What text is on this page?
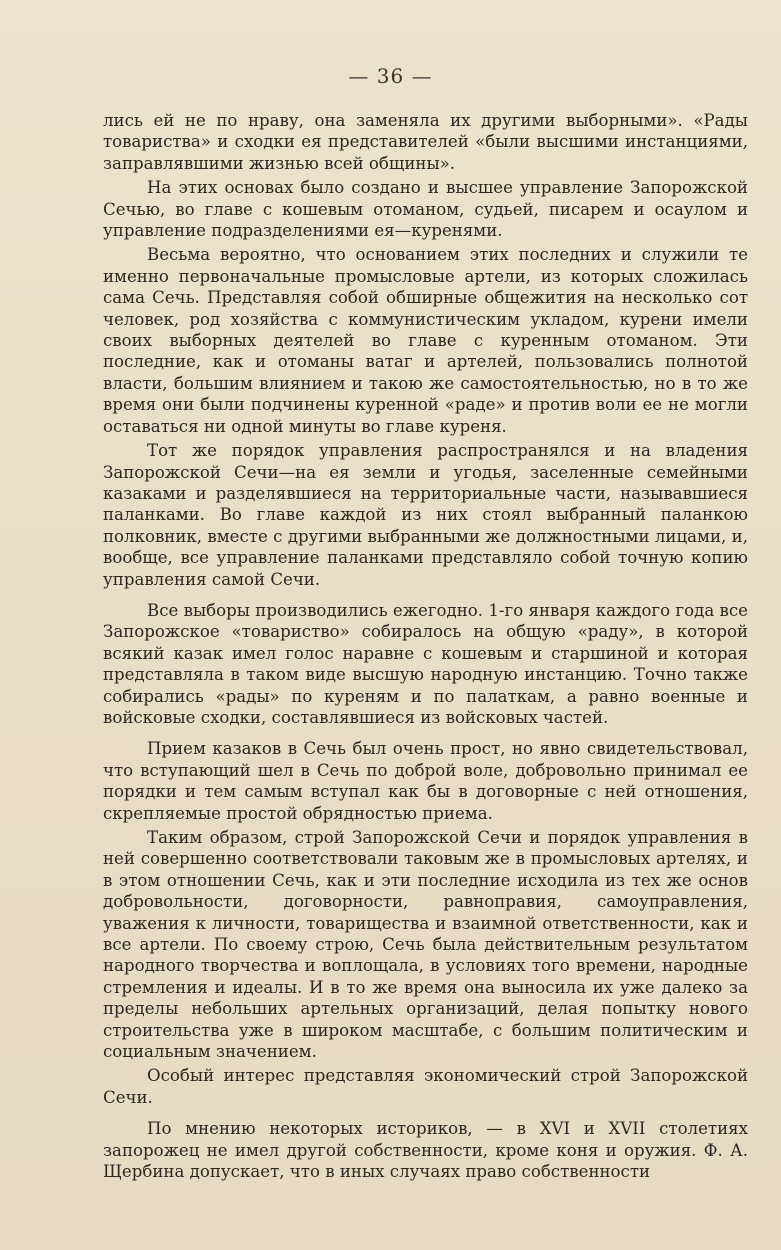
— 36 —

лись ей не по нраву, она заменяла их другими выборными». «Рады товариства» и сходки ея представителей «были высшими инстанциями, заправлявшими жизнью всей общины».

На этих основах было создано и высшее управление Запорожской Сечью, во главе с кошевым отоманом, судьей, писарем и осаулом и управление подразделениями ея—куренями.

Весьма вероятно, что основанием этих последних и служили те именно первоначальные промысловые артели, из которых сложилась сама Сечь. Представляя собой обширные общежития на несколько сот человек, род хозяйства с коммунистическим укладом, курени имели своих выборных деятелей во главе с куренным отоманом. Эти последние, как и отоманы ватаг и артелей, пользовались полнотой власти, большим влиянием и такою же самостоятельностью, но в то же время они были подчинены куренной «раде» и против воли ее не могли оставаться ни одной минуты во главе куреня.

Тот же порядок управления распространялся и на владения Запорожской Сечи—на ея земли и угодья, заселенные семейными казаками и разделявшиеся на территориальные части, называвшиеся паланками. Во главе каждой из них стоял выбранный паланкою полковник, вместе с другими выбранными же должностными лицами, и, вообще, все управление паланками представляло собой точную копию управления самой Сечи.

Все выборы производились ежегодно. 1-го января каждого года все Запорожское «товариство» собиралось на общую «раду», в которой всякий казак имел голос наравне с кошевым и старшиной и которая представляла в таком виде высшую народную инстанцию. Точно также собирались «рады» по куреням и по палаткам, а равно военные и войсковые сходки, составлявшиеся из войсковых частей.

Прием казаков в Сечь был очень прост, но явно свидетельствовал, что вступающий шел в Сечь по доброй воле, добровольно принимал ее порядки и тем самым вступал как бы в договорные с ней отношения, скрепляемые простой обрядностью приема.

Таким образом, строй Запорожской Сечи и порядок управления в ней совершенно соответствовали таковым же в промысловых артелях, и в этом отношении Сечь, как и эти последние исходила из тех же основ добровольности, договорности, равноправия, самоуправления, уважения к личности, товарищества и взаимной ответственности, как и все артели. По своему строю, Сечь была действительным результатом народного творчества и воплощала, в условиях того времени, народные стремления и идеалы. И в то же время она выносила их уже далеко за пределы небольших артельных организаций, делая попытку нового строительства уже в широком масштабе, с большим политическим и социальным значением.

Особый интерес представляя экономический строй Запорожской Сечи.

По мнению некоторых историков, — в XVI и XVII столетиях запорожец не имел другой собственности, кроме коня и оружия. Ф. А. Щербина допускает, что в иных случаях право собственности
